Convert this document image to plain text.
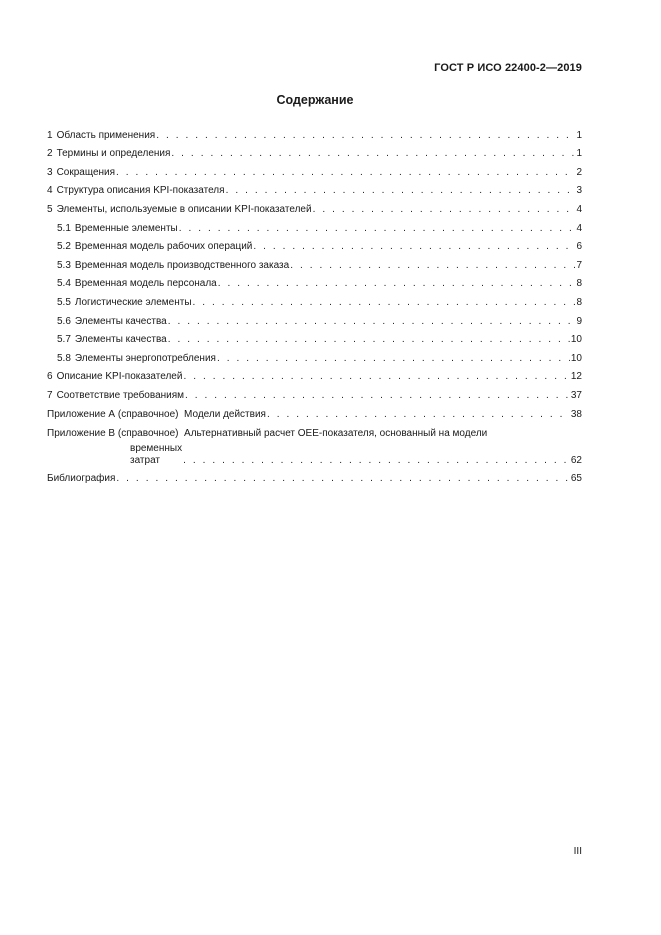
ГОСТ Р ИСО 22400-2—2019
Содержание
1 Область применения . . .	1
2 Термины и определения . . .	1
3 Сокращения . . .	2
4 Структура описания KPI-показателя . . .	3
5 Элементы, используемые в описании KPI-показателей . . .	4
5.1 Временные элементы . . .	4
5.2 Временная модель рабочих операций . . .	6
5.3 Временная модель производственного заказа . . .	7
5.4 Временная модель персонала . . .	8
5.5 Логистические элементы . . .	8
5.6 Элементы качества . . .	9
5.7 Элементы качества . . .	10
5.8 Элементы энергопотребления . . .	10
6 Описание KPI-показателей . . .	12
7 Соответствие требованиям . . .	37
Приложение А (справочное)  Модели действия . . .	38
Приложение В (справочное)  Альтернативный расчет ОЕЕ-показателя, основанный на модели
временных затрат . . .	62
Библиография . . .	65
III
